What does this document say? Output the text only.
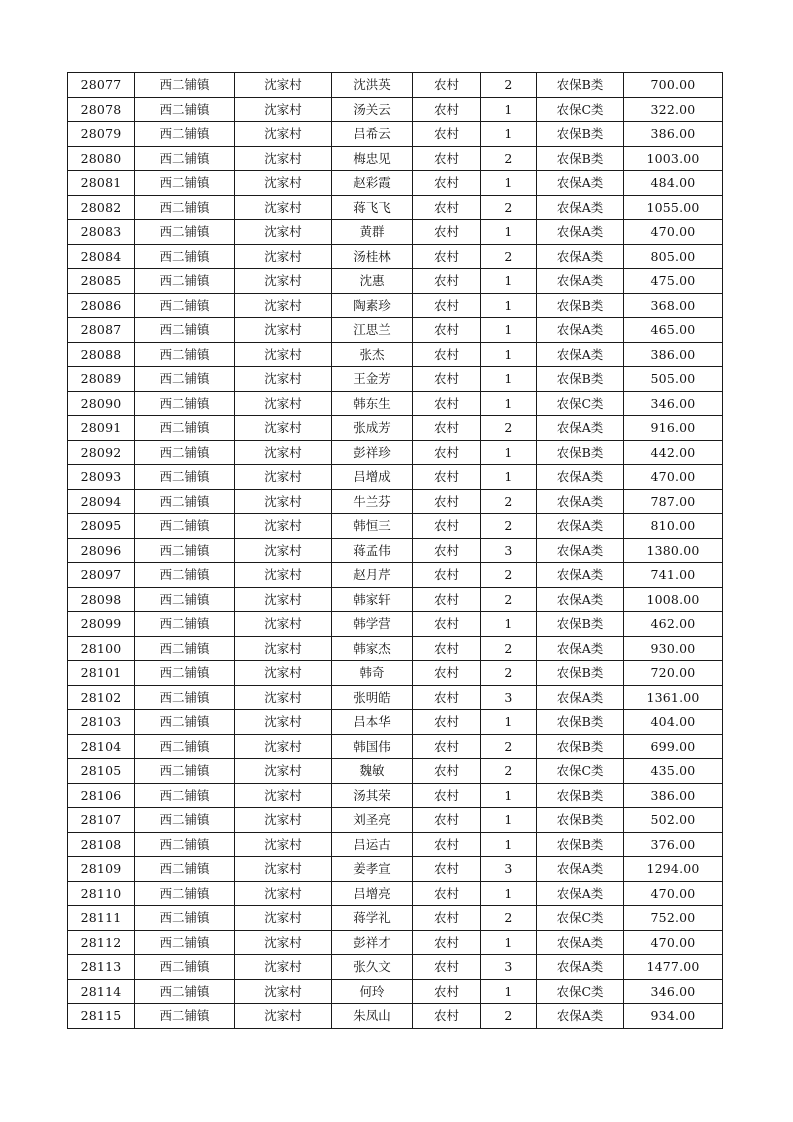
28077	西二铺镇	沈家村	沈洪英	农村	2	农保B类	700.00
28078	西二铺镇	沈家村	汤关云	农村	1	农保C类	322.00
28079	西二铺镇	沈家村	吕希云	农村	1	农保B类	386.00
28080	西二铺镇	沈家村	梅忠见	农村	2	农保B类	1003.00
28081	西二铺镇	沈家村	赵彩霞	农村	1	农保A类	484.00
28082	西二铺镇	沈家村	蒋飞飞	农村	2	农保A类	1055.00
28083	西二铺镇	沈家村	黄群	农村	1	农保A类	470.00
28084	西二铺镇	沈家村	汤桂林	农村	2	农保A类	805.00
28085	西二铺镇	沈家村	沈惠	农村	1	农保A类	475.00
28086	西二铺镇	沈家村	陶素珍	农村	1	农保B类	368.00
28087	西二铺镇	沈家村	江思兰	农村	1	农保A类	465.00
28088	西二铺镇	沈家村	张杰	农村	1	农保A类	386.00
28089	西二铺镇	沈家村	王金芳	农村	1	农保B类	505.00
28090	西二铺镇	沈家村	韩东生	农村	1	农保C类	346.00
28091	西二铺镇	沈家村	张成芳	农村	2	农保A类	916.00
28092	西二铺镇	沈家村	彭祥珍	农村	1	农保B类	442.00
28093	西二铺镇	沈家村	吕增成	农村	1	农保A类	470.00
28094	西二铺镇	沈家村	牛兰芬	农村	2	农保A类	787.00
28095	西二铺镇	沈家村	韩恒三	农村	2	农保A类	810.00
28096	西二铺镇	沈家村	蒋孟伟	农村	3	农保A类	1380.00
28097	西二铺镇	沈家村	赵月芹	农村	2	农保A类	741.00
28098	西二铺镇	沈家村	韩家轩	农村	2	农保A类	1008.00
28099	西二铺镇	沈家村	韩学营	农村	1	农保B类	462.00
28100	西二铺镇	沈家村	韩家杰	农村	2	农保A类	930.00
28101	西二铺镇	沈家村	韩奇	农村	2	农保B类	720.00
28102	西二铺镇	沈家村	张明皓	农村	3	农保A类	1361.00
28103	西二铺镇	沈家村	吕本华	农村	1	农保B类	404.00
28104	西二铺镇	沈家村	韩国伟	农村	2	农保B类	699.00
28105	西二铺镇	沈家村	魏敏	农村	2	农保C类	435.00
28106	西二铺镇	沈家村	汤其荣	农村	1	农保B类	386.00
28107	西二铺镇	沈家村	刘圣亮	农村	1	农保B类	502.00
28108	西二铺镇	沈家村	吕运古	农村	1	农保B类	376.00
28109	西二铺镇	沈家村	姜孝宣	农村	3	农保A类	1294.00
28110	西二铺镇	沈家村	吕增亮	农村	1	农保A类	470.00
28111	西二铺镇	沈家村	蒋学礼	农村	2	农保C类	752.00
28112	西二铺镇	沈家村	彭祥才	农村	1	农保A类	470.00
28113	西二铺镇	沈家村	张久文	农村	3	农保A类	1477.00
28114	西二铺镇	沈家村	何玲	农村	1	农保C类	346.00
28115	西二铺镇	沈家村	朱凤山	农村	2	农保A类	934.00
